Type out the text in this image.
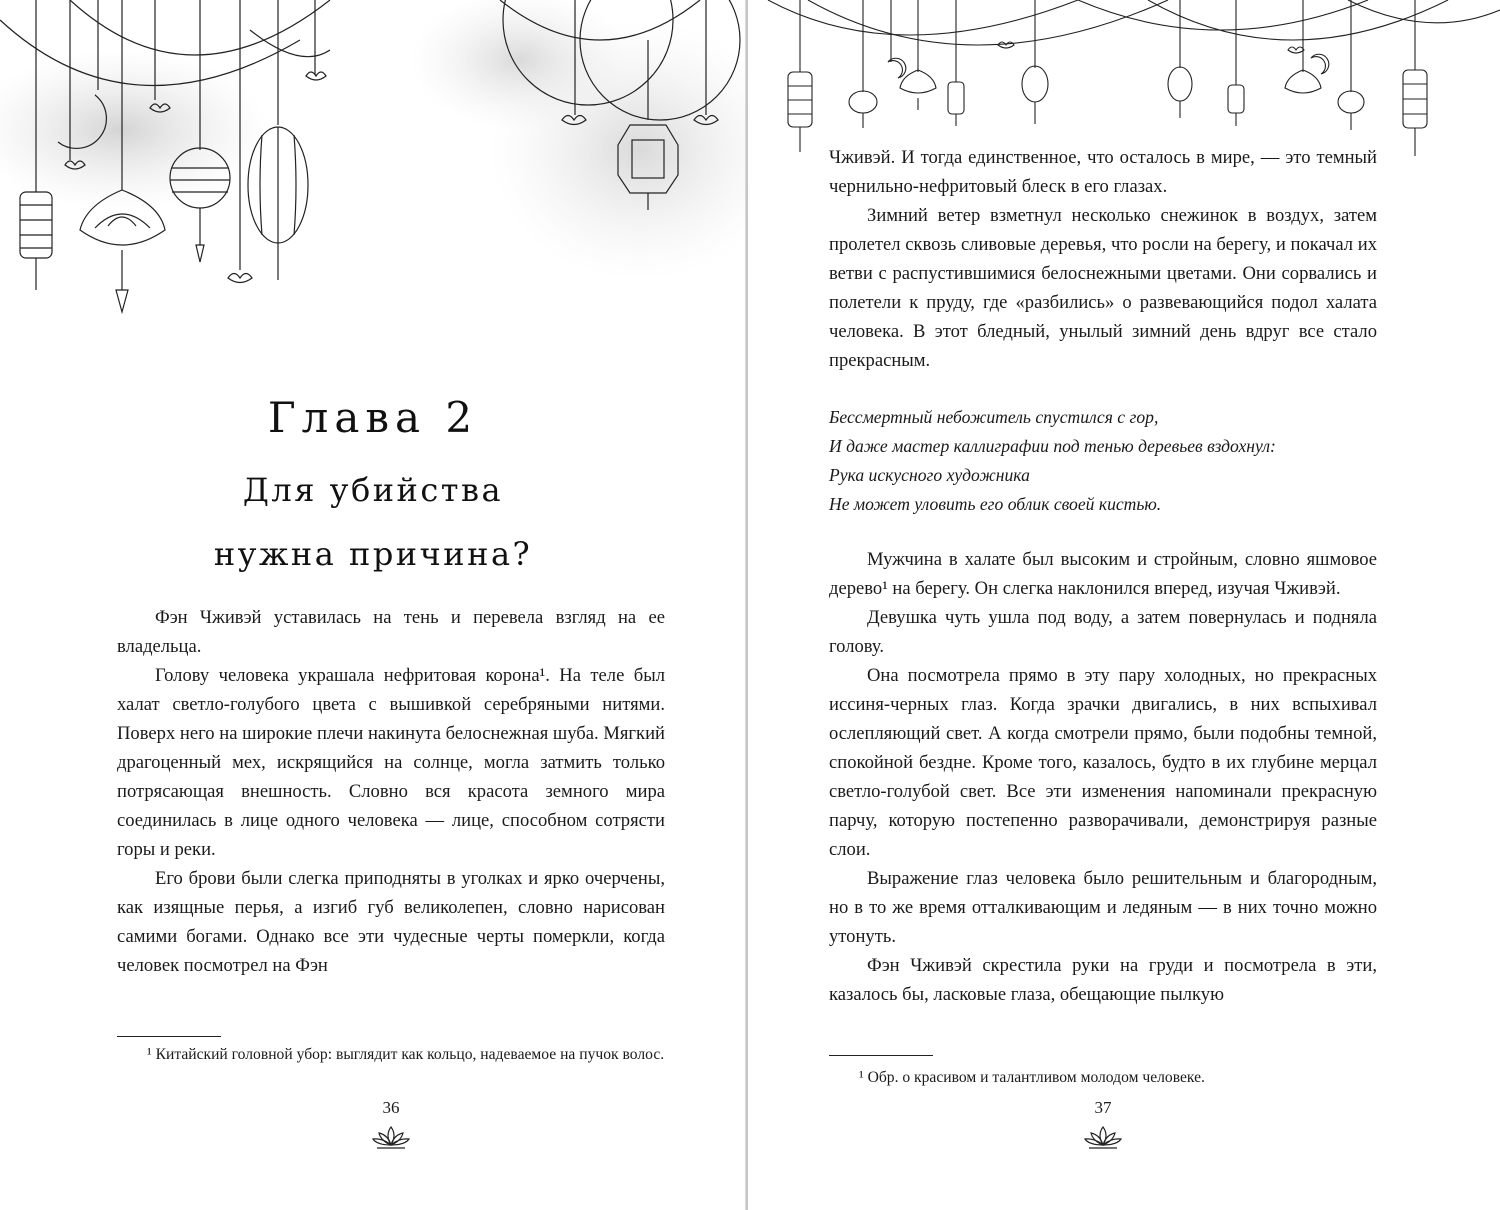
Глава 2
Для убийства
нужна причина?

Фэн Чживэй уставилась на тень и перевела взгляд на ее владельца.

Голову человека украшала нефритовая корона¹. На теле был халат светло-голубого цвета с вышивкой серебряными нитями. Поверх него на широкие плечи накинута белоснежная шуба. Мягкий драгоценный мех, искрящийся на солнце, могла затмить только потрясающая внешность. Словно вся красота земного мира соединилась в лице одного человека — лице, способном сотрясти горы и реки.

Его брови были слегка приподняты в уголках и ярко очерчены, как изящные перья, а изгиб губ великолепен, словно нарисован самими богами. Однако все эти чудесные черты померкли, когда человек посмотрел на Фэн

¹ Китайский головной убор: выглядит как кольцо, надеваемое на пучок волос.
36

Чживэй. И тогда единственное, что осталось в мире, — это темный чернильно-нефритовый блеск в его глазах.

Зимний ветер взметнул несколько снежинок в воздух, затем пролетел сквозь сливовые деревья, что росли на берегу, и покачал их ветви с распустившимися белоснежными цветами. Они сорвались и полетели к пруду, где «разбились» о развевающийся подол халата человека. В этот бледный, унылый зимний день вдруг все стало прекрасным.

Бессмертный небожитель спустился с гор,
И даже мастер каллиграфии под тенью деревьев вздохнул:
Рука искусного художника
Не может уловить его облик своей кистью.

Мужчина в халате был высоким и стройным, словно яшмовое дерево¹ на берегу. Он слегка наклонился вперед, изучая Чживэй.

Девушка чуть ушла под воду, а затем повернулась и подняла голову.

Она посмотрела прямо в эту пару холодных, но прекрасных иссиня-черных глаз. Когда зрачки двигались, в них вспыхивал ослепляющий свет. А когда смотрели прямо, были подобны темной, спокойной бездне. Кроме того, казалось, будто в их глубине мерцал светло-голубой свет. Все эти изменения напоминали прекрасную парчу, которую постепенно разворачивали, демонстрируя разные слои.

Выражение глаз человека было решительным и благородным, но в то же время отталкивающим и ледяным — в них точно можно утонуть.

Фэн Чживэй скрестила руки на груди и посмотрела в эти, казалось бы, ласковые глаза, обещающие пылкую

¹ Обр. о красивом и талантливом молодом человеке.
37
